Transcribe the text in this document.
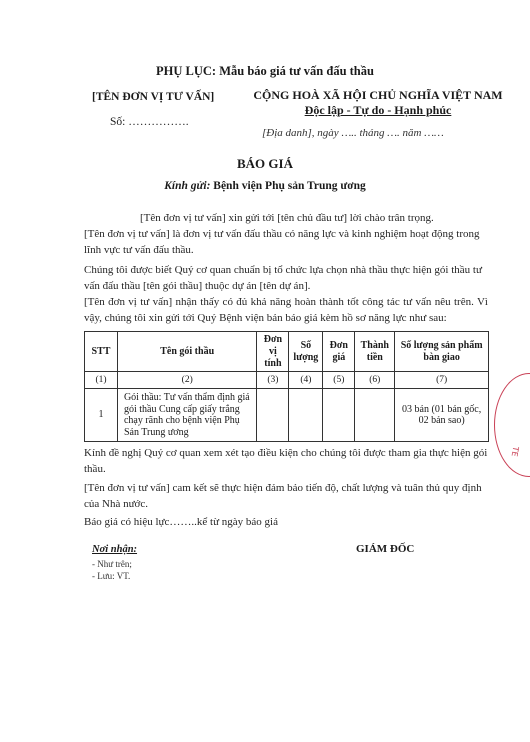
PHỤ LỤC: Mẫu báo giá tư vấn đấu thầu
[TÊN ĐƠN VỊ TƯ VẤN]	CỘNG HOÀ XÃ HỘI CHỦ NGHĨA VIỆT NAM
Độc lập - Tự do - Hạnh phúc
Số: …………….
[Địa danh], ngày ….. tháng …. năm ……
BÁO GIÁ
Kính gửi: Bệnh viện Phụ sản Trung ương
[Tên đơn vị tư vấn] xin gửi tới [tên chủ đầu tư] lời chào trân trọng.
[Tên đơn vị tư vấn] là đơn vị tư vấn đấu thầu có năng lực và kinh nghiệm hoạt động trong lĩnh vực tư vấn đấu thầu.
Chúng tôi được biết Quý cơ quan chuẩn bị tổ chức lựa chọn nhà thầu thực hiện gói thầu tư vấn đấu thầu [tên gói thầu] thuộc dự án [tên dự án].
[Tên đơn vị tư vấn] nhận thấy có đủ khả năng hoàn thành tốt công tác tư vấn nêu trên. Vì vậy, chúng tôi xin gửi tới Quý Bệnh viện bản báo giá kèm hồ sơ năng lực như sau:
STT	Tên gói thầu	Đơn vị tính	Số lượng	Đơn giá	Thành tiền	Số lượng sản phẩm bàn giao
(1)	(2)	(3)	(4)	(5)	(6)	(7)
1	Gói thầu: Tư vấn thẩm định giá gói thầu Cung cấp giấy trắng chạy rãnh cho bệnh viện Phụ Sản Trung ương					03 bản (01 bản gốc, 02 bản sao)
Kính đề nghị Quý cơ quan xem xét tạo điều kiện cho chúng tôi được tham gia thực hiện gói thầu.
[Tên đơn vị tư vấn] cam kết sẽ thực hiện đảm bảo tiến độ, chất lượng và tuân thủ quy định của Nhà nước.
Báo giá có hiệu lực……..kể từ ngày báo giá
Nơi nhận:
- Như trên;
- Lưu: VT.
GIÁM ĐỐC
TE
